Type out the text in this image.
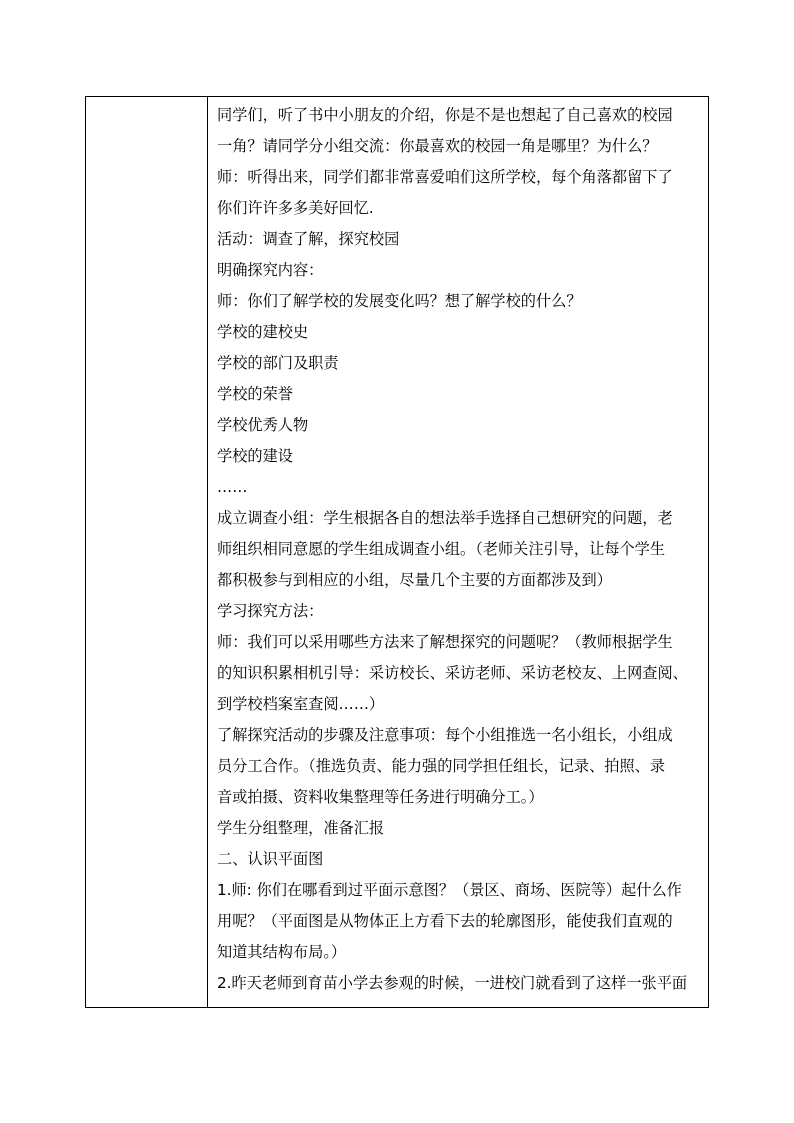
同学们，听了书中小朋友的介绍，你是不是也想起了自己喜欢的校园
一角？请同学分小组交流：你最喜欢的校园一角是哪里？为什么？
师：听得出来，同学们都非常喜爱咱们这所学校，每个角落都留下了
你们许许多多美好回忆.
活动：调查了解，探究校园
明确探究内容：
师：你们了解学校的发展变化吗？想了解学校的什么？
学校的建校史
学校的部门及职责
学校的荣誉
学校优秀人物
学校的建设
……
成立调查小组：学生根据各自的想法举手选择自己想研究的问题，老
师组织相同意愿的学生组成调查小组。（老师关注引导，让每个学生
都积极参与到相应的小组，尽量几个主要的方面都涉及到）
学习探究方法：
师：我们可以采用哪些方法来了解想探究的问题呢？（教师根据学生
的知识积累相机引导：采访校长、采访老师、采访老校友、上网查阅、
到学校档案室查阅……）
了解探究活动的步骤及注意事项：每个小组推选一名小组长，小组成
员分工合作。（推选负责、能力强的同学担任组长，记录、拍照、录
音或拍摄、资料收集整理等任务进行明确分工。）
学生分组整理，准备汇报
二、认识平面图
1.师: 你们在哪看到过平面示意图？（景区、商场、医院等）起什么作
用呢？（平面图是从物体正上方看下去的轮廓图形，能使我们直观的
知道其结构布局。）
2.昨天老师到育苗小学去参观的时候，一进校门就看到了这样一张平面
